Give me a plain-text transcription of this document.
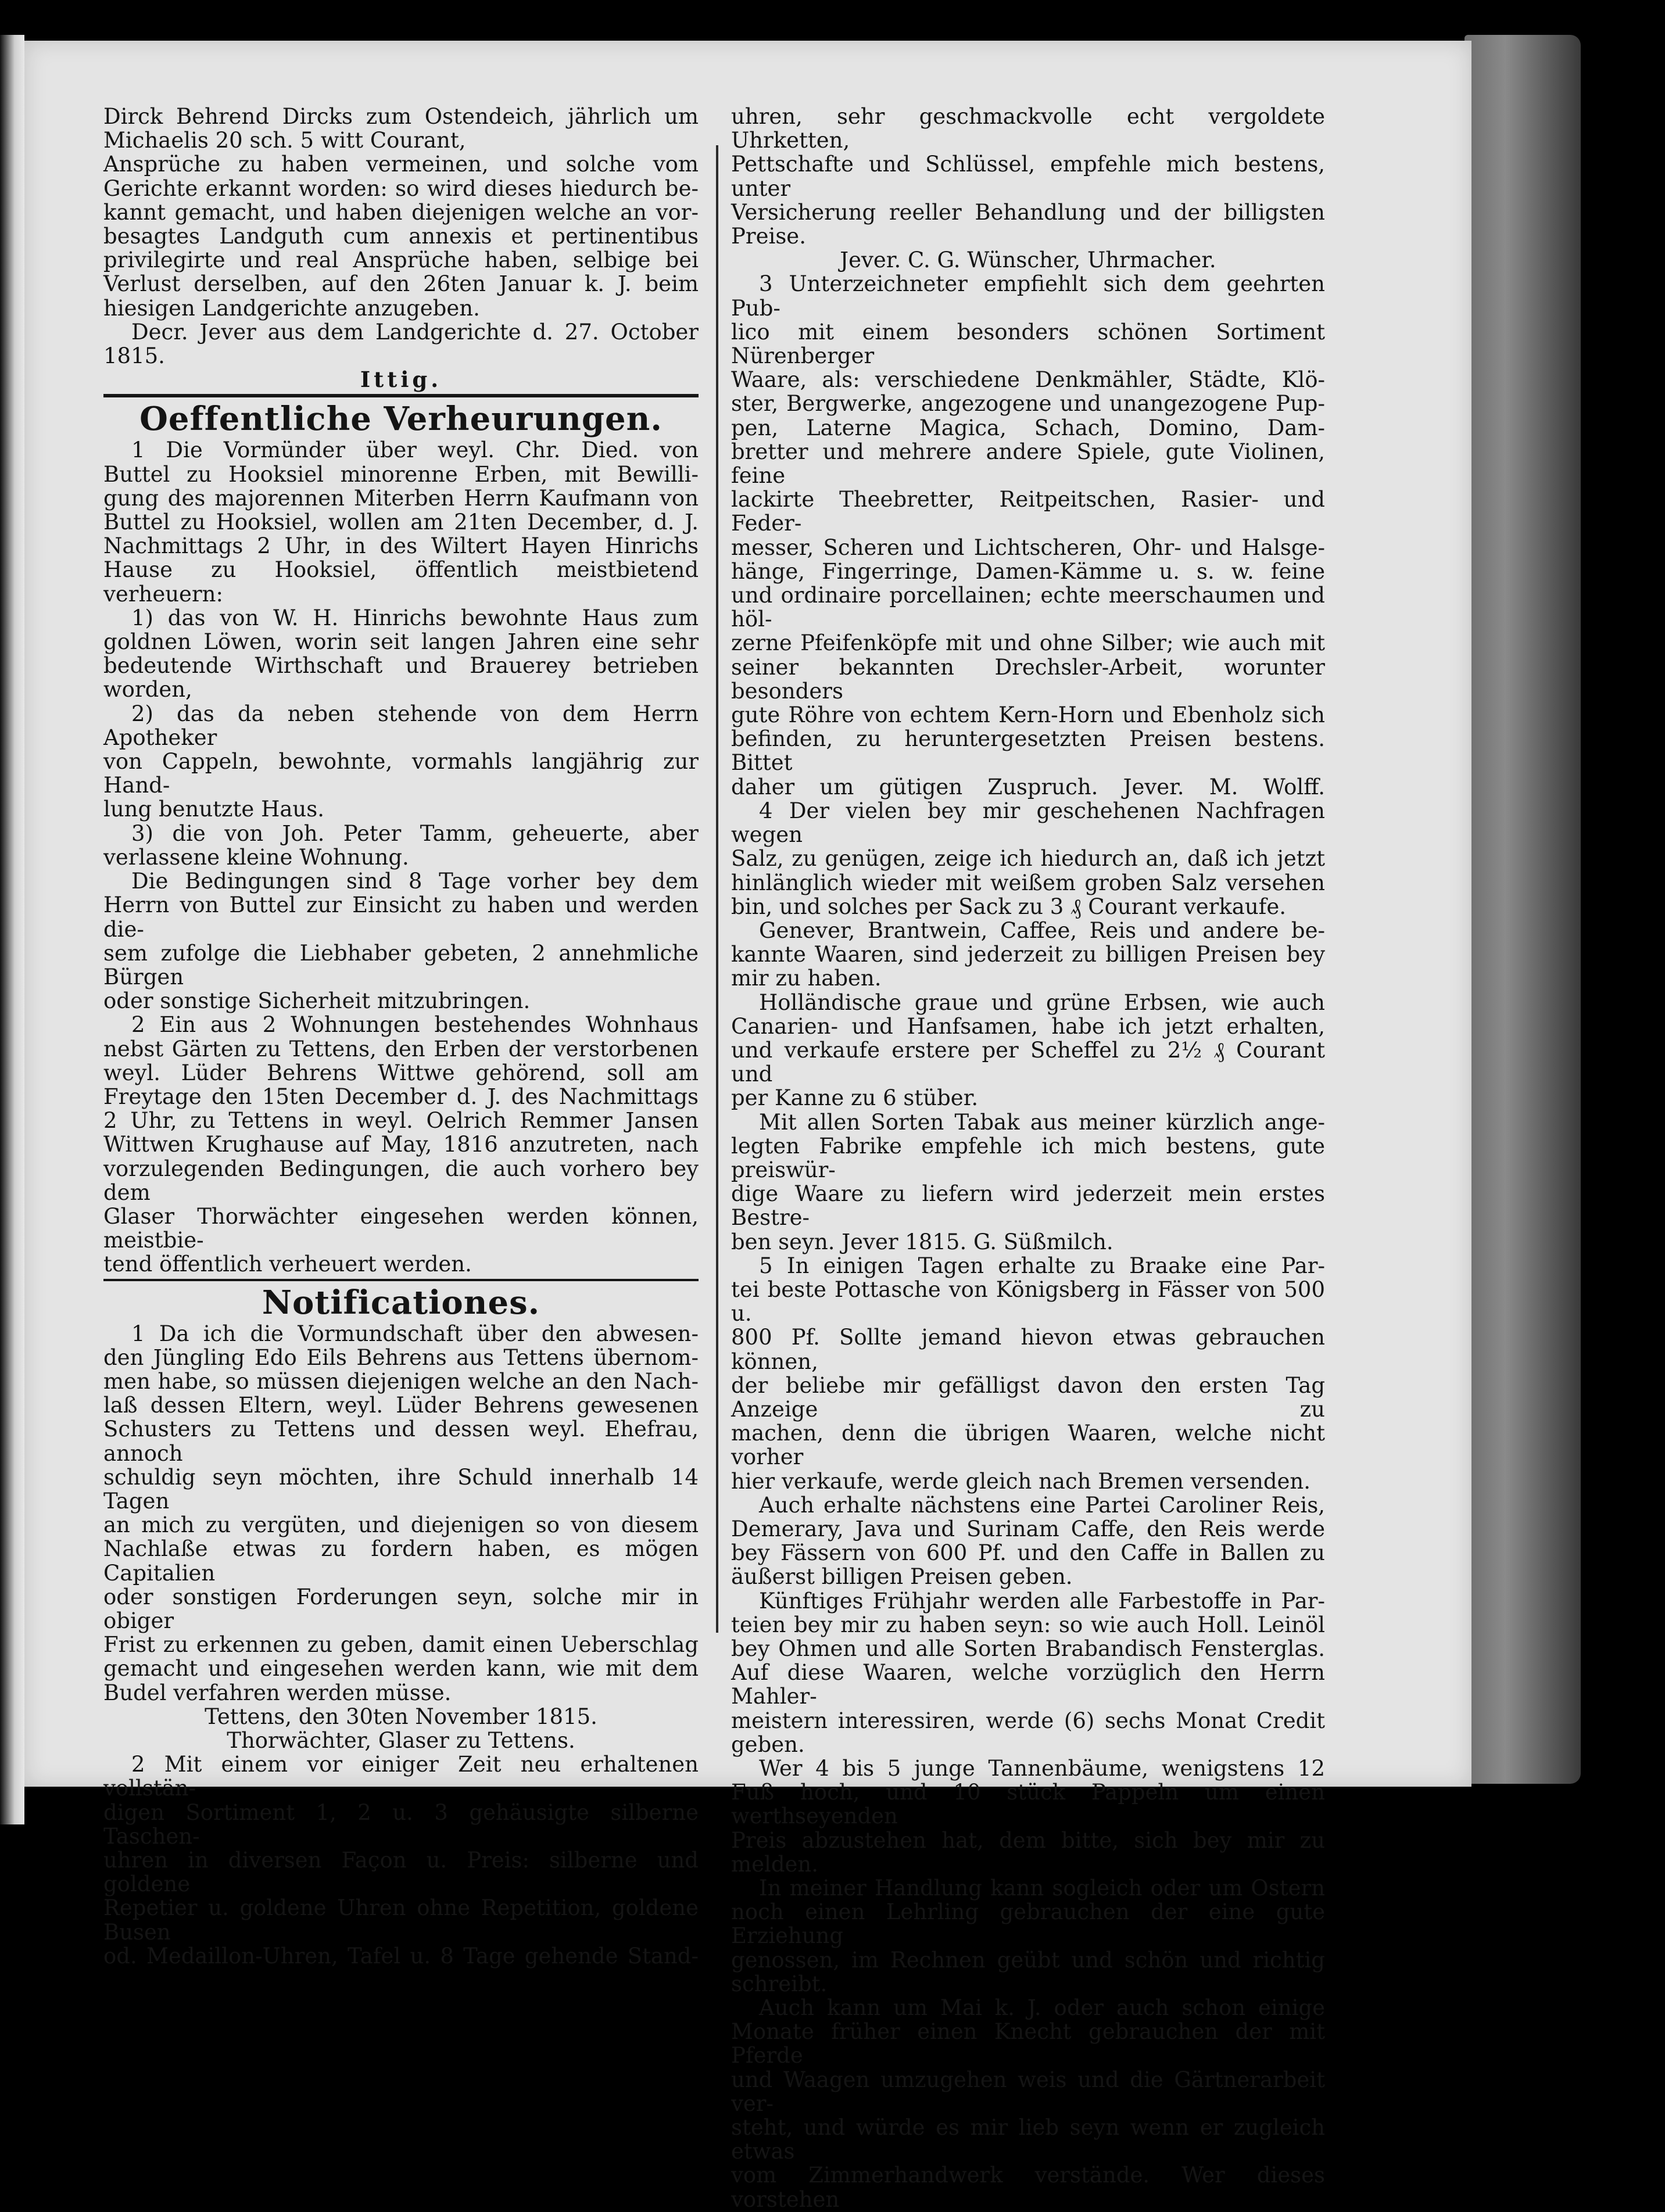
Dirck Behrend Dircks zum Ostendeich, jährlich um
Michaelis 20 sch. 5 witt Courant,
Ansprüche zu haben vermeinen, und solche vom
Gerichte erkannt worden: so wird dieses hiedurch be-
kannt gemacht, und haben diejenigen welche an vor-
besagtes Landguth cum annexis et pertinentibus
privilegirte und real Ansprüche haben, selbige bei
Verlust derselben, auf den 26ten Januar k. J. beim
hiesigen Landgerichte anzugeben.
Decr. Jever aus dem Landgerichte d. 27. October 1815.
Ittig.
Oeffentliche Verheurungen.
1 Die Vormünder über weyl. Chr. Died. von
Buttel zu Hooksiel minorenne Erben, mit Bewilli-
gung des majorennen Miterben Herrn Kaufmann von
Buttel zu Hooksiel, wollen am 21ten December, d. J.
Nachmittags 2 Uhr, in des Wiltert Hayen Hinrichs
Hause zu Hooksiel, öffentlich meistbietend verheuern:
1) das von W. H. Hinrichs bewohnte Haus zum
goldnen Löwen, worin seit langen Jahren eine sehr
bedeutende Wirthschaft und Brauerey betrieben worden,
2) das da neben stehende von dem Herrn Apotheker
von Cappeln, bewohnte, vormahls langjährig zur Hand-
lung benutzte Haus.
3) die von Joh. Peter Tamm, geheuerte, aber
verlassene kleine Wohnung.
Die Bedingungen sind 8 Tage vorher bey dem
Herrn von Buttel zur Einsicht zu haben und werden die-
sem zufolge die Liebhaber gebeten, 2 annehmliche Bürgen
oder sonstige Sicherheit mitzubringen.
2 Ein aus 2 Wohnungen bestehendes Wohnhaus
nebst Gärten zu Tettens, den Erben der verstorbenen
weyl. Lüder Behrens Wittwe gehörend, soll am
Freytage den 15ten December d. J. des Nachmittags
2 Uhr, zu Tettens in weyl. Oelrich Remmer Jansen
Wittwen Krughause auf May, 1816 anzutreten, nach
vorzulegenden Bedingungen, die auch vorhero bey dem
Glaser Thorwächter eingesehen werden können, meistbie-
tend öffentlich verheuert werden.
Notificationes.
1 Da ich die Vormundschaft über den abwesen-
den Jüngling Edo Eils Behrens aus Tettens übernom-
men habe, so müssen diejenigen welche an den Nach-
laß dessen Eltern, weyl. Lüder Behrens gewesenen
Schusters zu Tettens und dessen weyl. Ehefrau, annoch
schuldig seyn möchten, ihre Schuld innerhalb 14 Tagen
an mich zu vergüten, und diejenigen so von diesem
Nachlaße etwas zu fordern haben, es mögen Capitalien
oder sonstigen Forderungen seyn, solche mir in obiger
Frist zu erkennen zu geben, damit einen Ueberschlag
gemacht und eingesehen werden kann, wie mit dem
Budel verfahren werden müsse.
Tettens, den 30ten November 1815.
Thorwächter, Glaser zu Tettens.
2 Mit einem vor einiger Zeit neu erhaltenen vollstän-
digen Sortiment 1, 2 u. 3 gehäusigte silberne Taschen-
uhren in diversen Façon u. Preis: silberne und goldene
Repetier u. goldene Uhren ohne Repetition, goldene Busen
od. Medaillon-Uhren, Tafel u. 8 Tage gehende Stand-
uhren, sehr geschmackvolle echt vergoldete Uhrketten,
Pettschafte und Schlüssel, empfehle mich bestens, unter
Versicherung reeller Behandlung und der billigsten Preise.
Jever. C. G. Wünscher, Uhrmacher.
3 Unterzeichneter empfiehlt sich dem geehrten Pub-
lico mit einem besonders schönen Sortiment Nürenberger
Waare, als: verschiedene Denkmähler, Städte, Klö-
ster, Bergwerke, angezogene und unangezogene Pup-
pen, Laterne Magica, Schach, Domino, Dam-
bretter und mehrere andere Spiele, gute Violinen, feine
lackirte Theebretter, Reitpeitschen, Rasier- und Feder-
messer, Scheren und Lichtscheren, Ohr- und Halsge-
hänge, Fingerringe, Damen-Kämme u. s. w. feine
und ordinaire porcellainen; echte meerschaumen und höl-
zerne Pfeifenköpfe mit und ohne Silber; wie auch mit
seiner bekannten Drechsler-Arbeit, worunter besonders
gute Röhre von echtem Kern-Horn und Ebenholz sich
befinden, zu heruntergesetzten Preisen bestens. Bittet
daher um gütigen Zuspruch. Jever. M. Wolff.
4 Der vielen bey mir geschehenen Nachfragen wegen
Salz, zu genügen, zeige ich hiedurch an, daß ich jetzt
hinlänglich wieder mit weißem groben Salz versehen
bin, und solches per Sack zu 3 ₰ Courant verkaufe.
Genever, Brantwein, Caffee, Reis und andere be-
kannte Waaren, sind jederzeit zu billigen Preisen bey
mir zu haben.
Holländische graue und grüne Erbsen, wie auch
Canarien- und Hanfsamen, habe ich jetzt erhalten,
und verkaufe erstere per Scheffel zu 2½ ₰ Courant und
per Kanne zu 6 stüber.
Mit allen Sorten Tabak aus meiner kürzlich ange-
legten Fabrike empfehle ich mich bestens, gute preiswür-
dige Waare zu liefern wird jederzeit mein erstes Bestre-
ben seyn. Jever 1815. G. Süßmilch.
5 In einigen Tagen erhalte zu Braake eine Par-
tei beste Pottasche von Königsberg in Fässer von 500 u.
800 Pf. Sollte jemand hievon etwas gebrauchen können,
der beliebe mir gefälligst davon den ersten Tag Anzeige zu
machen, denn die übrigen Waaren, welche nicht vorher
hier verkaufe, werde gleich nach Bremen versenden.
Auch erhalte nächstens eine Partei Caroliner Reis,
Demerary, Java und Surinam Caffe, den Reis werde
bey Fässern von 600 Pf. und den Caffe in Ballen zu
äußerst billigen Preisen geben.
Künftiges Frühjahr werden alle Farbestoffe in Par-
teien bey mir zu haben seyn: so wie auch Holl. Leinöl
bey Ohmen und alle Sorten Brabandisch Fensterglas.
Auf diese Waaren, welche vorzüglich den Herrn Mahler-
meistern interessiren, werde (6) sechs Monat Credit geben.
Wer 4 bis 5 junge Tannenbäume, wenigstens 12
Fuß hoch, und 10 stück Pappeln um einen werthseyenden
Preis abzustehen hat, dem bitte, sich bey mir zu melden.
In meiner Handlung kann sogleich oder um Ostern
noch einen Lehrling gebrauchen der eine gute Erziehung
genossen, im Rechnen geübt und schön und richtig schreibt.
Auch kann um Mai k. J. oder auch schon einige
Monate früher einen Knecht gebrauchen der mit Pferde
und Waagen umzugehen weis und die Gärtnerarbeit ver-
steht, und würde es mir lieb seyn wenn er zugleich etwas
vom Zimmerhandwerk verstände. Wer dieses vorstehen
